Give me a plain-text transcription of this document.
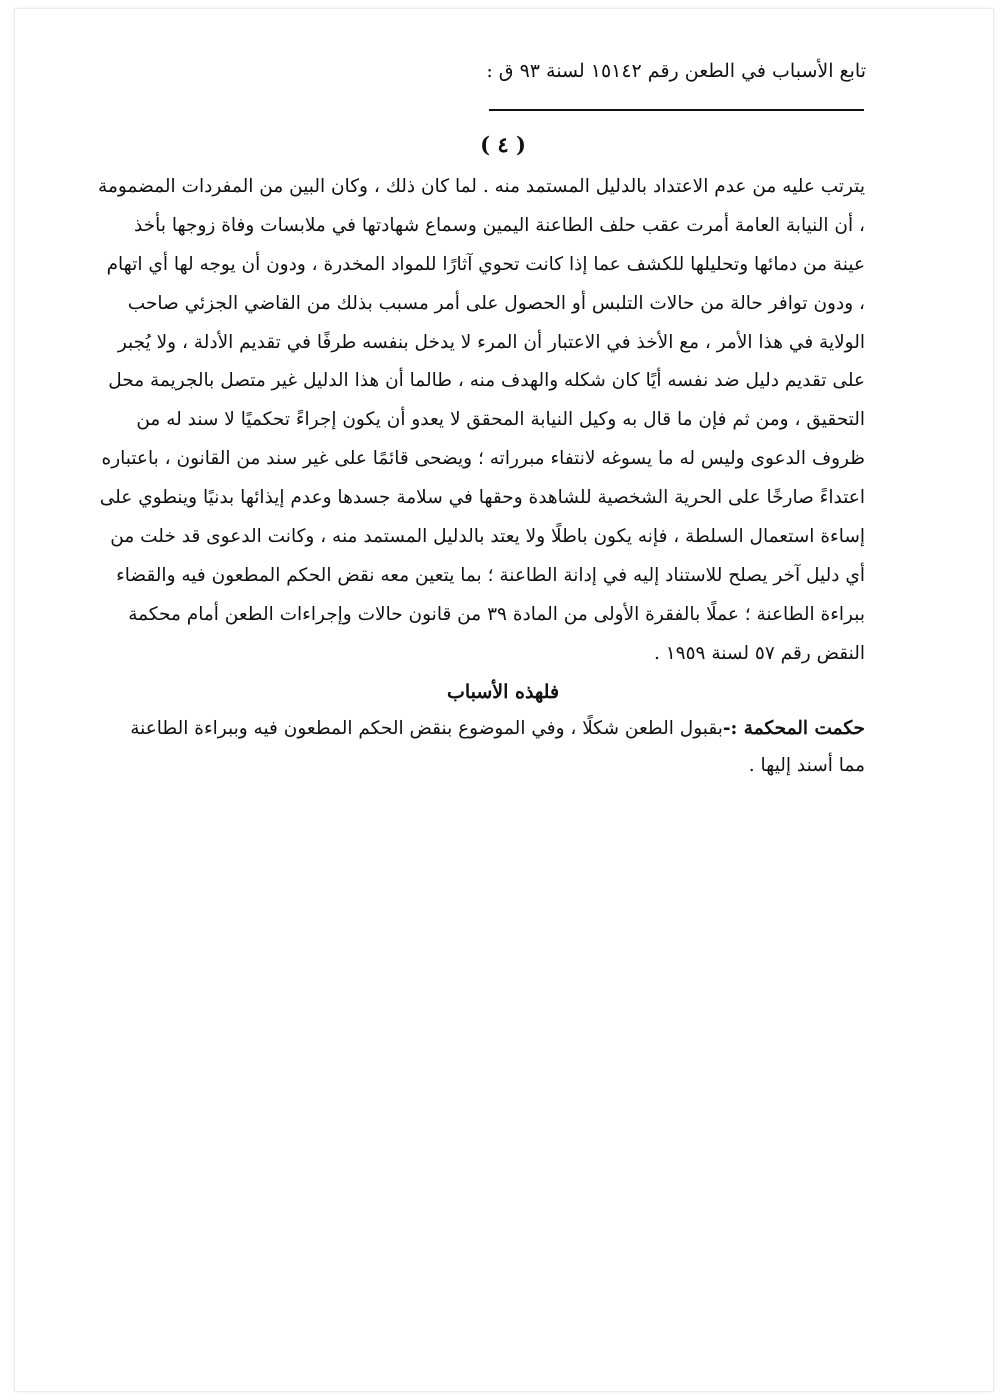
تابع الأسباب في الطعن رقم ١٥١٤٢ لسنة ٩٣ ق :
( ٤ )
يترتب عليه من عدم الاعتداد بالدليل المستمد منه . لما كان ذلك ، وكان البين من المفردات المضمومة
، أن النيابة العامة أمرت عقب حلف الطاعنة اليمين وسماع شهادتها في ملابسات وفاة زوجها بأخذ
عينة من دمائها وتحليلها للكشف عما إذا كانت تحوي آثارًا للمواد المخدرة ، ودون أن يوجه لها أي اتهام
، ودون توافر حالة من حالات التلبس أو الحصول على أمر مسبب بذلك من القاضي الجزئي صاحب
الولاية في هذا الأمر ، مع الأخذ في الاعتبار أن المرء لا يدخل بنفسه طرفًا في تقديم الأدلة ، ولا يُجبر
على تقديم دليل ضد نفسه أيًا كان شكله والهدف منه ، طالما أن هذا الدليل غير متصل بالجريمة محل
التحقيق ، ومن ثم فإن ما قال به وكيل النيابة المحقق لا يعدو أن يكون إجراءً تحكميًا لا سند له من
ظروف الدعوى وليس له ما يسوغه لانتفاء مبرراته ؛ ويضحى قائمًا على غير سند من القانون ، باعتباره
اعتداءً صارخًا على الحرية الشخصية للشاهدة وحقها في سلامة جسدها وعدم إيذائها بدنيًا وينطوي على
إساءة استعمال السلطة ، فإنه يكون باطلًا ولا يعتد بالدليل المستمد منه ، وكانت الدعوى قد خلت من
أي دليل آخر يصلح للاستناد إليه في إدانة الطاعنة ؛ بما يتعين معه نقض الحكم المطعون فيه والقضاء
ببراءة الطاعنة ؛ عملًا بالفقرة الأولى من المادة ٣٩ من قانون حالات وإجراءات الطعن أمام محكمة
النقض رقم ٥٧ لسنة ١٩٥٩ .
فلهذه الأسباب
حكمت المحكمة :-بقبول الطعن شكلًا ، وفي الموضوع بنقض الحكم المطعون فيه وببراءة الطاعنة
مما أسند إليها .
